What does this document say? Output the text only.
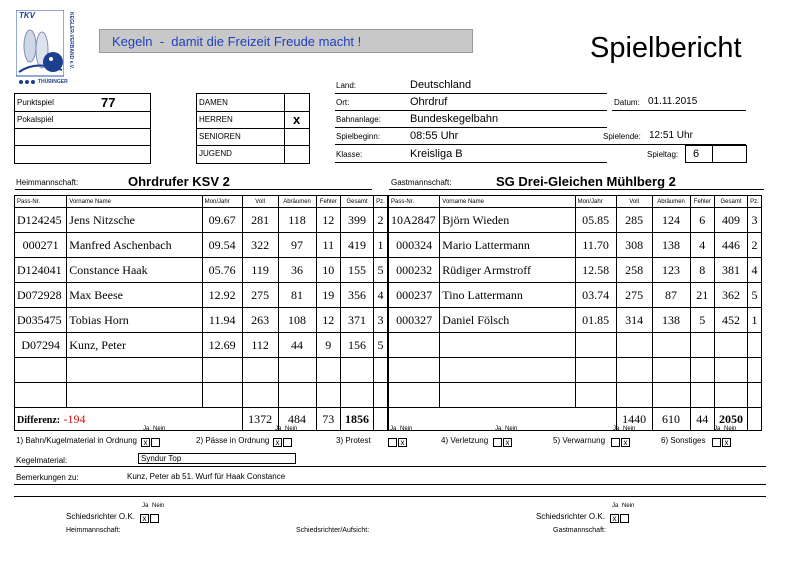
TKV	KEGLER-VERBAND e.V.
THÜRINGER
Kegeln  -  damit die Freizeit Freude macht !	Spielbericht
Punktspiel	77
Pokalspiel
DAMEN
HERREN	x
SENIOREN
JUGEND
Land:	Deutschland
Ort:	Ohrdruf	Datum: 01.11.2015
Bahnanlage:	Bundeskegelbahn
Spielbeginn:	08:55 Uhr	Spielende: 12:51 Uhr
Klasse:	Kreisliga B	Spieltag: 6
Heimmannschaft:	Ohrdrufer KSV 2	Gastmannschaft:	SG Drei-Gleichen Mühlberg 2
Pass-Nr.	Vorname Name	Mon/Jahr	Voll	Abräumen	Fehler	Gesamt	Pz.
D124245	Jens Nitzsche	09.67	281	118	12	399	2
000271	Manfred Aschenbach	09.54	322	97	11	419	1
D124041	Constance Haak	05.76	119	36	10	155	5
D072928	Max Beese	12.92	275	81	19	356	4
D035475	Tobias Horn	11.94	263	108	12	371	3
D07294	Kunz, Peter	12.69	112	44	9	156	5

Differenz: -194			1372	484	73	1856	
Pass-Nr.	Vorname Name	Mon/Jahr	Voll	Abräumen	Fehler	Gesamt	Pz.
10A2847	Björn Wieden	05.85	285	124	6	409	3
000324	Mario Lattermann	11.70	308	138	4	446	2
000232	Rüdiger Armstroff	12.58	258	123	8	381	4
000237	Tino Lattermann	03.74	275	87	21	362	5
000327	Daniel Fölsch	01.85	314	138	5	452	1

			1440	610	44	2050	
1) Bahn/Kugelmaterial in Ordnung
Ja Nein
x	2) Pässe in Ordnung
Ja Nein
x	3) Protest
Ja Nein
x	4) Verletzung
Ja Nein
x	5) Verwarnung
Ja Nein
x	6) Sonstiges
Ja Nein
x
Kegelmaterial:	Syndur Top
Bemerkungen zu:	Kunz, Peter ab 51. Wurf für Haak Constance
Schiedsrichter O.K.
Ja Nein
x	Schiedsrichter O.K.
Ja Nein
x
Heimmannschaft:	Schiedsrichter/Aufsicht:	Gastmannschaft:
